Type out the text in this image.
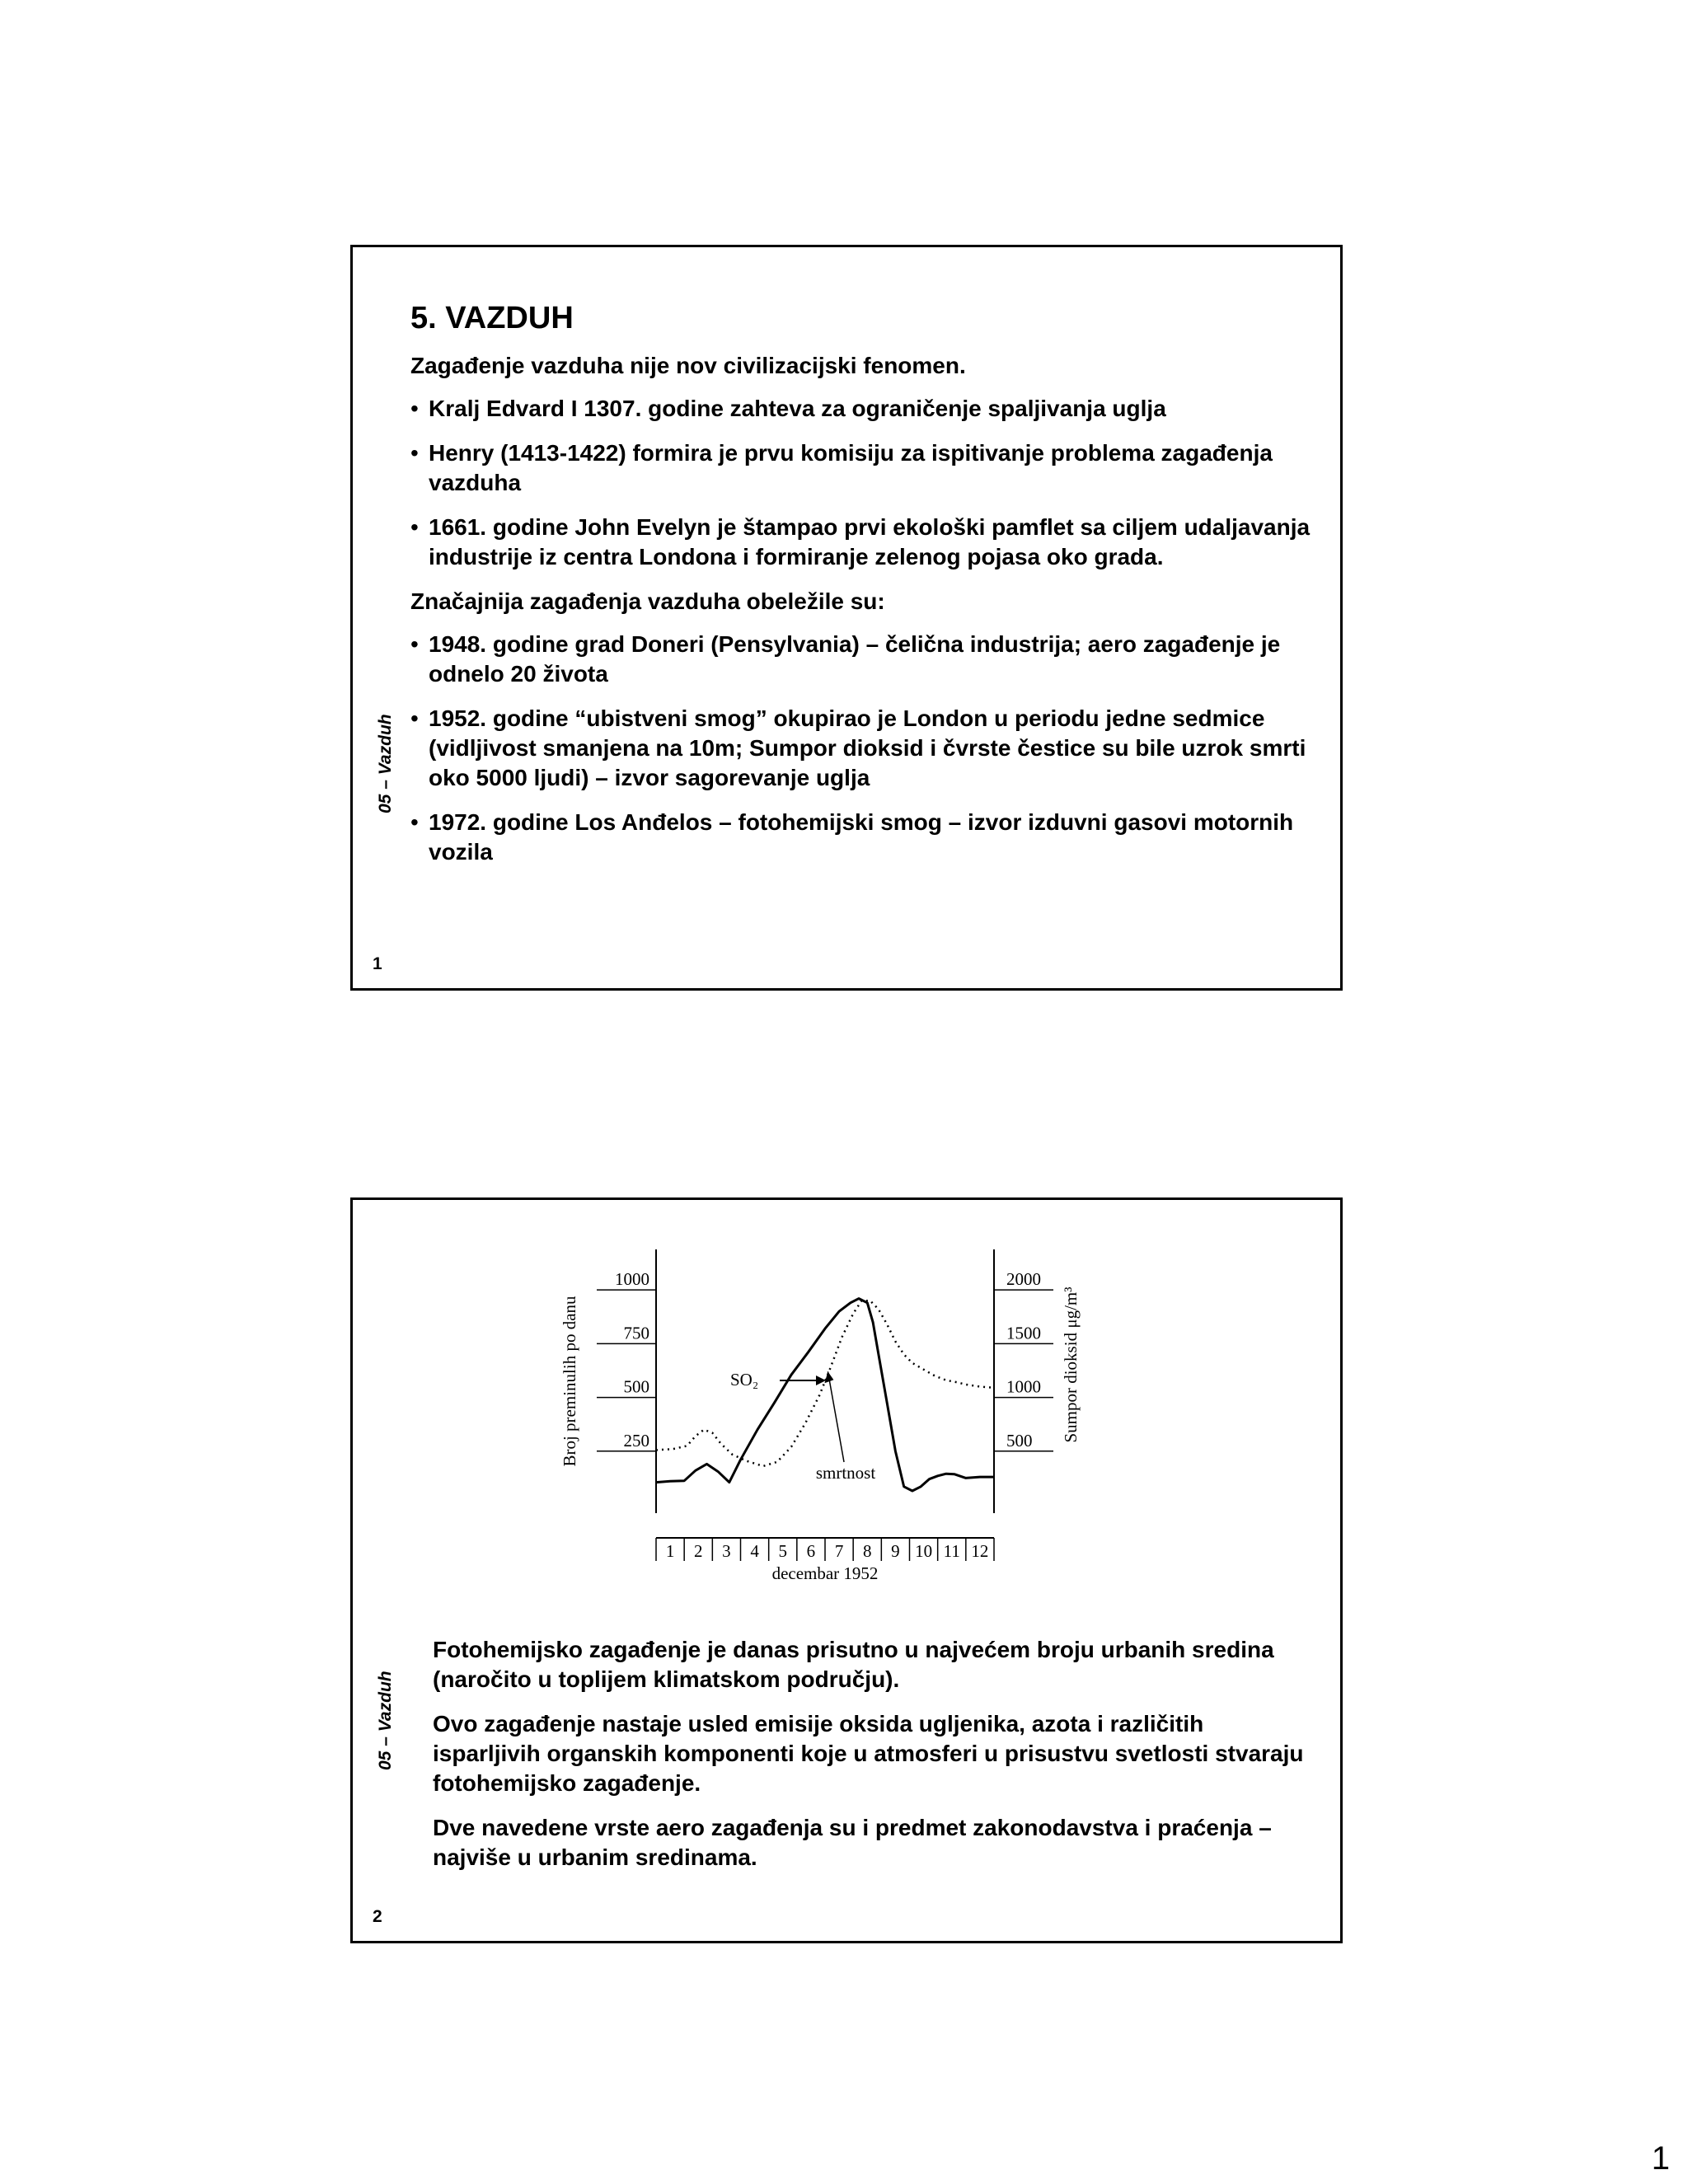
05 – Vazduh
1
5. VAZDUH
Zagađenje vazduha nije nov civilizacijski fenomen.
• Kralj Edvard I 1307. godine zahteva za ograničenje spaljivanja uglja
• Henry (1413-1422) formira je prvu komisiju za ispitivanje problema zagađenja vazduha
• 1661. godine John Evelyn je štampao prvi ekološki pamflet sa ciljem udaljavanja industrije iz centra Londona i formiranje zelenog pojasa oko grada.
Značajnija zagađenja vazduha obeležile su:
• 1948. godine grad Doneri (Pensylvania) – čelična industrija; aero zagađenje je odnelo 20 života
• 1952. godine “ubistveni smog” okupirao je London u periodu jedne sedmice (vidljivost smanjena na 10m; Sumpor dioksid i čvrste čestice su bile uzrok smrti oko 5000 ljudi) – izvor sagorevanje uglja
• 1972. godine Los Anđelos – fotohemijski smog – izvor izduvni gasovi motornih vozila
05 – Vazduh
2
250
500
750
1000
500
1000
1500
2000
1 2 3 4 5 6 7 8 9 10 11 12
decembar 1952
Broj preminulih po danu	Sumpor dioksid μg/m³
SO₂
smrtnost
Fotohemijsko zagađenje je danas prisutno u najvećem broju urbanih sredina (naročito u toplijem klimatskom području).
Ovo zagađenje nastaje usled emisije oksida ugljenika, azota i različitih isparljivih organskih komponenti koje u atmosferi u prisustvu svetlosti stvaraju fotohemijsko zagađenje.
Dve navedene vrste aero zagađenja su i predmet zakonodavstva i praćenja – najviše u urbanim sredinama.
1
